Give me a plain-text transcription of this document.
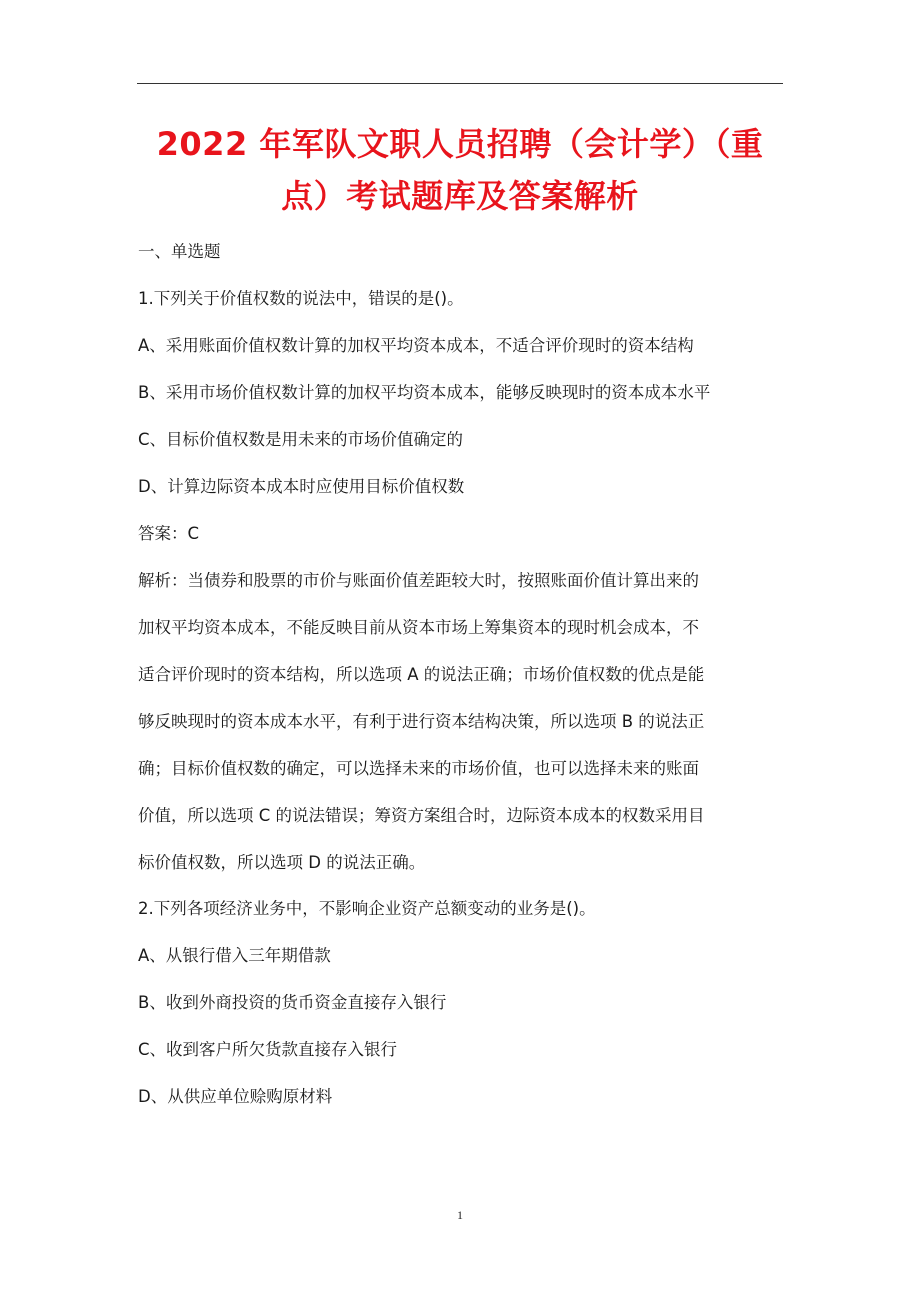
2022 年军队文职人员招聘（会计学）（重
点）考试题库及答案解析
一、单选题
1.下列关于价值权数的说法中，错误的是()。
A、采用账面价值权数计算的加权平均资本成本，不适合评价现时的资本结构
B、采用市场价值权数计算的加权平均资本成本，能够反映现时的资本成本水平
C、目标价值权数是用未来的市场价值确定的
D、计算边际资本成本时应使用目标价值权数
答案：C
解析：当债券和股票的市价与账面价值差距较大时，按照账面价值计算出来的
加权平均资本成本，不能反映目前从资本市场上筹集资本的现时机会成本，不
适合评价现时的资本结构，所以选项 A 的说法正确；市场价值权数的优点是能
够反映现时的资本成本水平，有利于进行资本结构决策，所以选项 B 的说法正
确；目标价值权数的确定，可以选择未来的市场价值，也可以选择未来的账面
价值，所以选项 C 的说法错误；筹资方案组合时，边际资本成本的权数采用目
标价值权数，所以选项 D 的说法正确。
2.下列各项经济业务中，不影响企业资产总额变动的业务是()。
A、从银行借入三年期借款
B、收到外商投资的货币资金直接存入银行
C、收到客户所欠货款直接存入银行
D、从供应单位赊购原材料
1
